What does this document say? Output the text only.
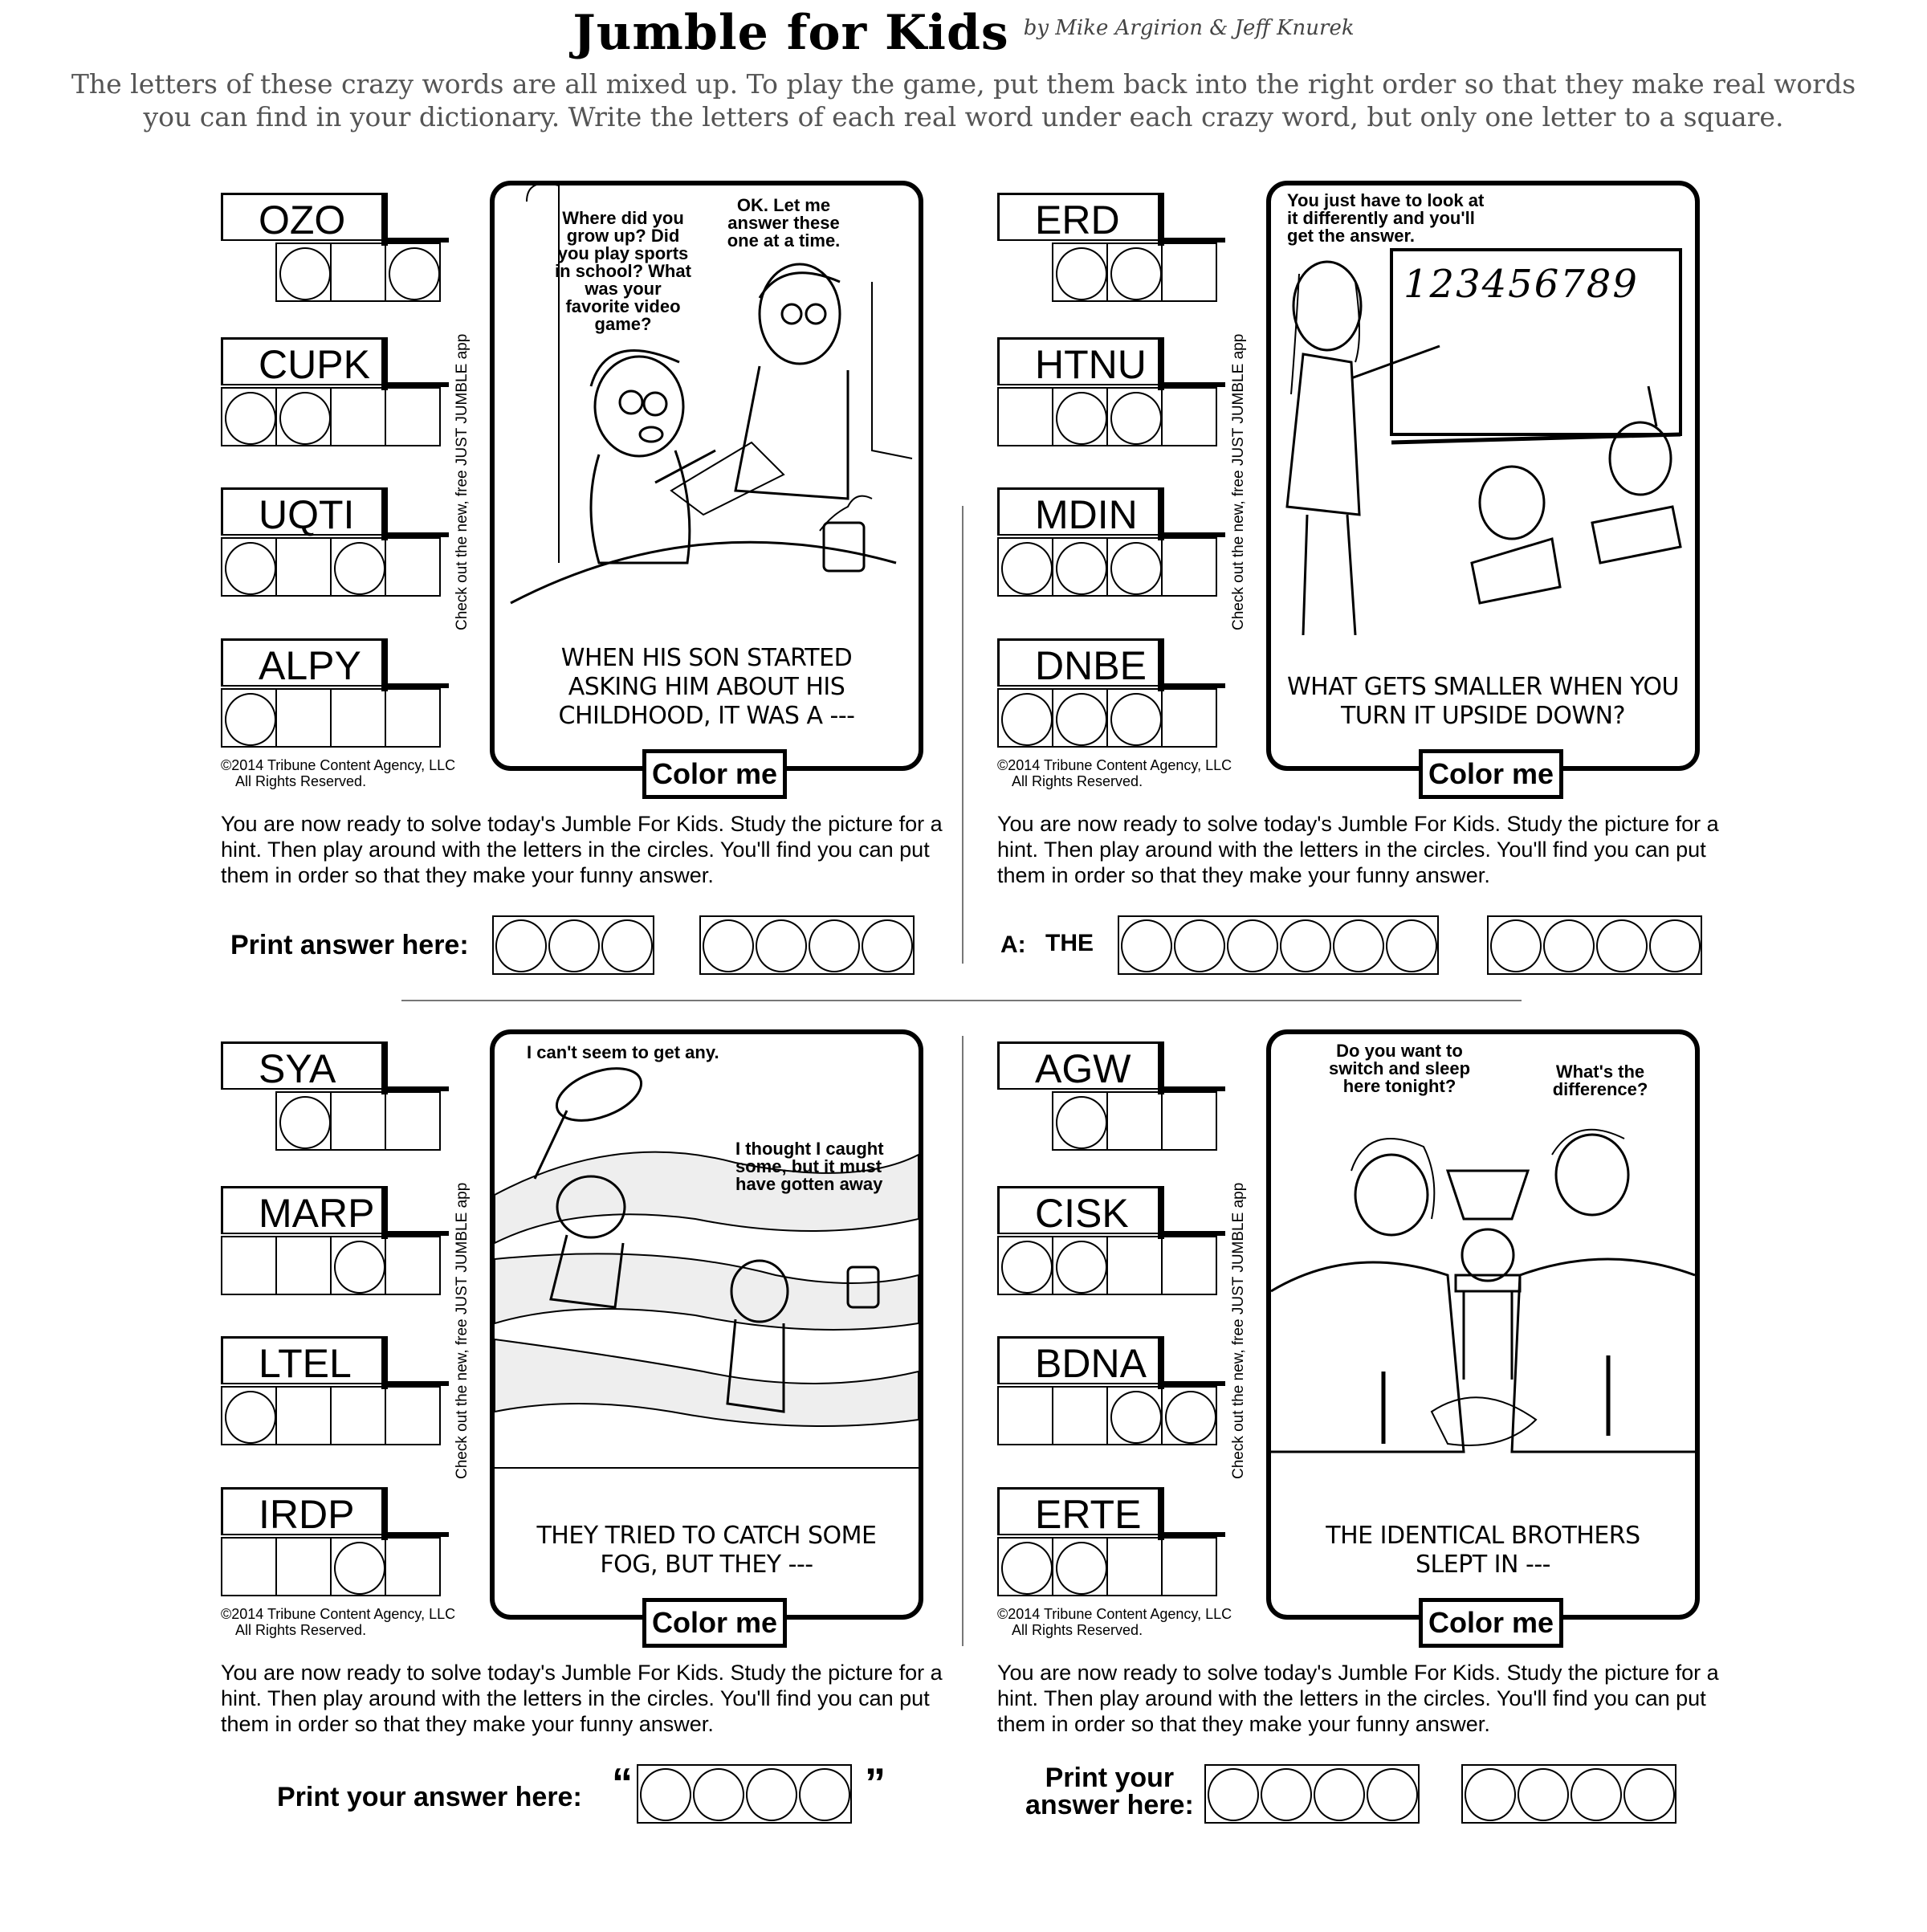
Jumble for Kids by Mike Argirion & Jeff Knurek
The letters of these crazy words are all mixed up. To play the game, put them back into the right order so that they make real words
you can find in your dictionary. Write the letters of each real word under each crazy word, but only one letter to a square.
OZO
CUPK
UQTI
ALPY
Check out the new, free JUST JUMBLE app
Where did you grow up? Did you play sports in school? What was your favorite video game?
OK. Let me answer these one at a time.
WHEN HIS SON STARTED ASKING HIM ABOUT HIS CHILDHOOD, IT WAS A ---
Color me
©2014 Tribune Content Agency, LLC
All Rights Reserved.
You are now ready to solve today's Jumble For Kids. Study the picture for a hint. Then play around with the letters in the circles. You'll find you can put them in order so that they make your funny answer.
Print answer here:
ERD
HTNU
MDIN
DNBE
Check out the new, free JUST JUMBLE app
You just have to look at it differently and you'll get the answer.
123456789
WHAT GETS SMALLER WHEN YOU TURN IT UPSIDE DOWN?
Color me
©2014 Tribune Content Agency, LLC
All Rights Reserved.
You are now ready to solve today's Jumble For Kids. Study the picture for a hint. Then play around with the letters in the circles. You'll find you can put them in order so that they make your funny answer.
A: THE
SYA
MARP
LTEL
IRDP
Check out the new, free JUST JUMBLE app
I can't seem to get any.
I thought I caught some, but it must have gotten away
THEY TRIED TO CATCH SOME FOG, BUT THEY ---
Color me
©2014 Tribune Content Agency, LLC
All Rights Reserved.
You are now ready to solve today's Jumble For Kids. Study the picture for a hint. Then play around with the letters in the circles. You'll find you can put them in order so that they make your funny answer.
Print your answer here: “	”
AGW
CISK
BDNA
ERTE
Check out the new, free JUST JUMBLE app
Do you want to switch and sleep here tonight?
What's the difference?
THE IDENTICAL BROTHERS SLEPT IN ---
Color me
©2014 Tribune Content Agency, LLC
All Rights Reserved.
You are now ready to solve today's Jumble For Kids. Study the picture for a hint. Then play around with the letters in the circles. You'll find you can put them in order so that they make your funny answer.
Print your
answer here:
